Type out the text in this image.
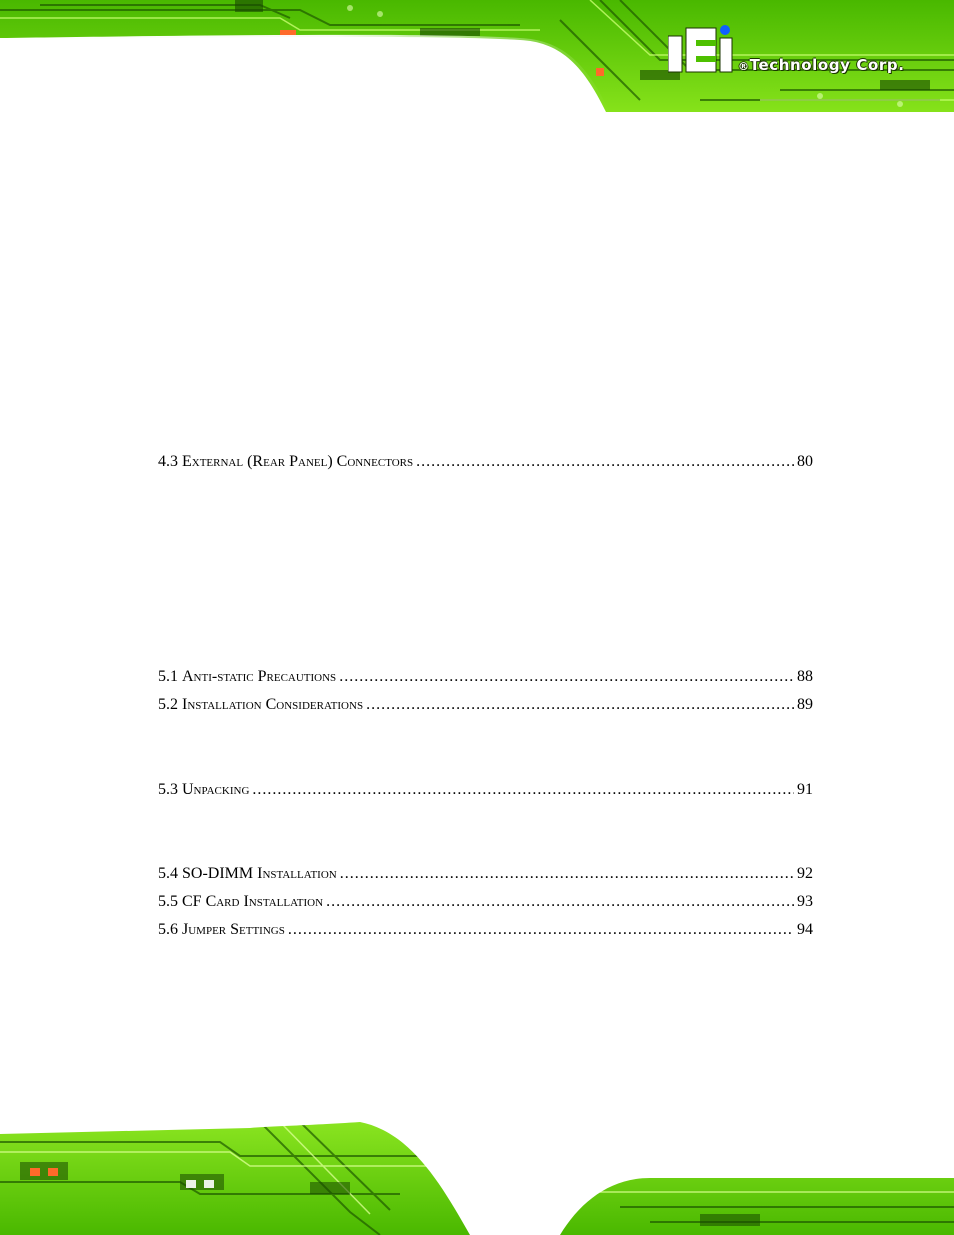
®Technology Corp.
4.3 External (Rear Panel) Connectors .....	80
5.1 Anti-static Precautions .....	88
5.2 Installation Considerations .....	89
5.3 Unpacking .....	91
5.4 SO-DIMM Installation .....	92
5.5 CF Card Installation .....	93
5.6 Jumper Settings .....	94
